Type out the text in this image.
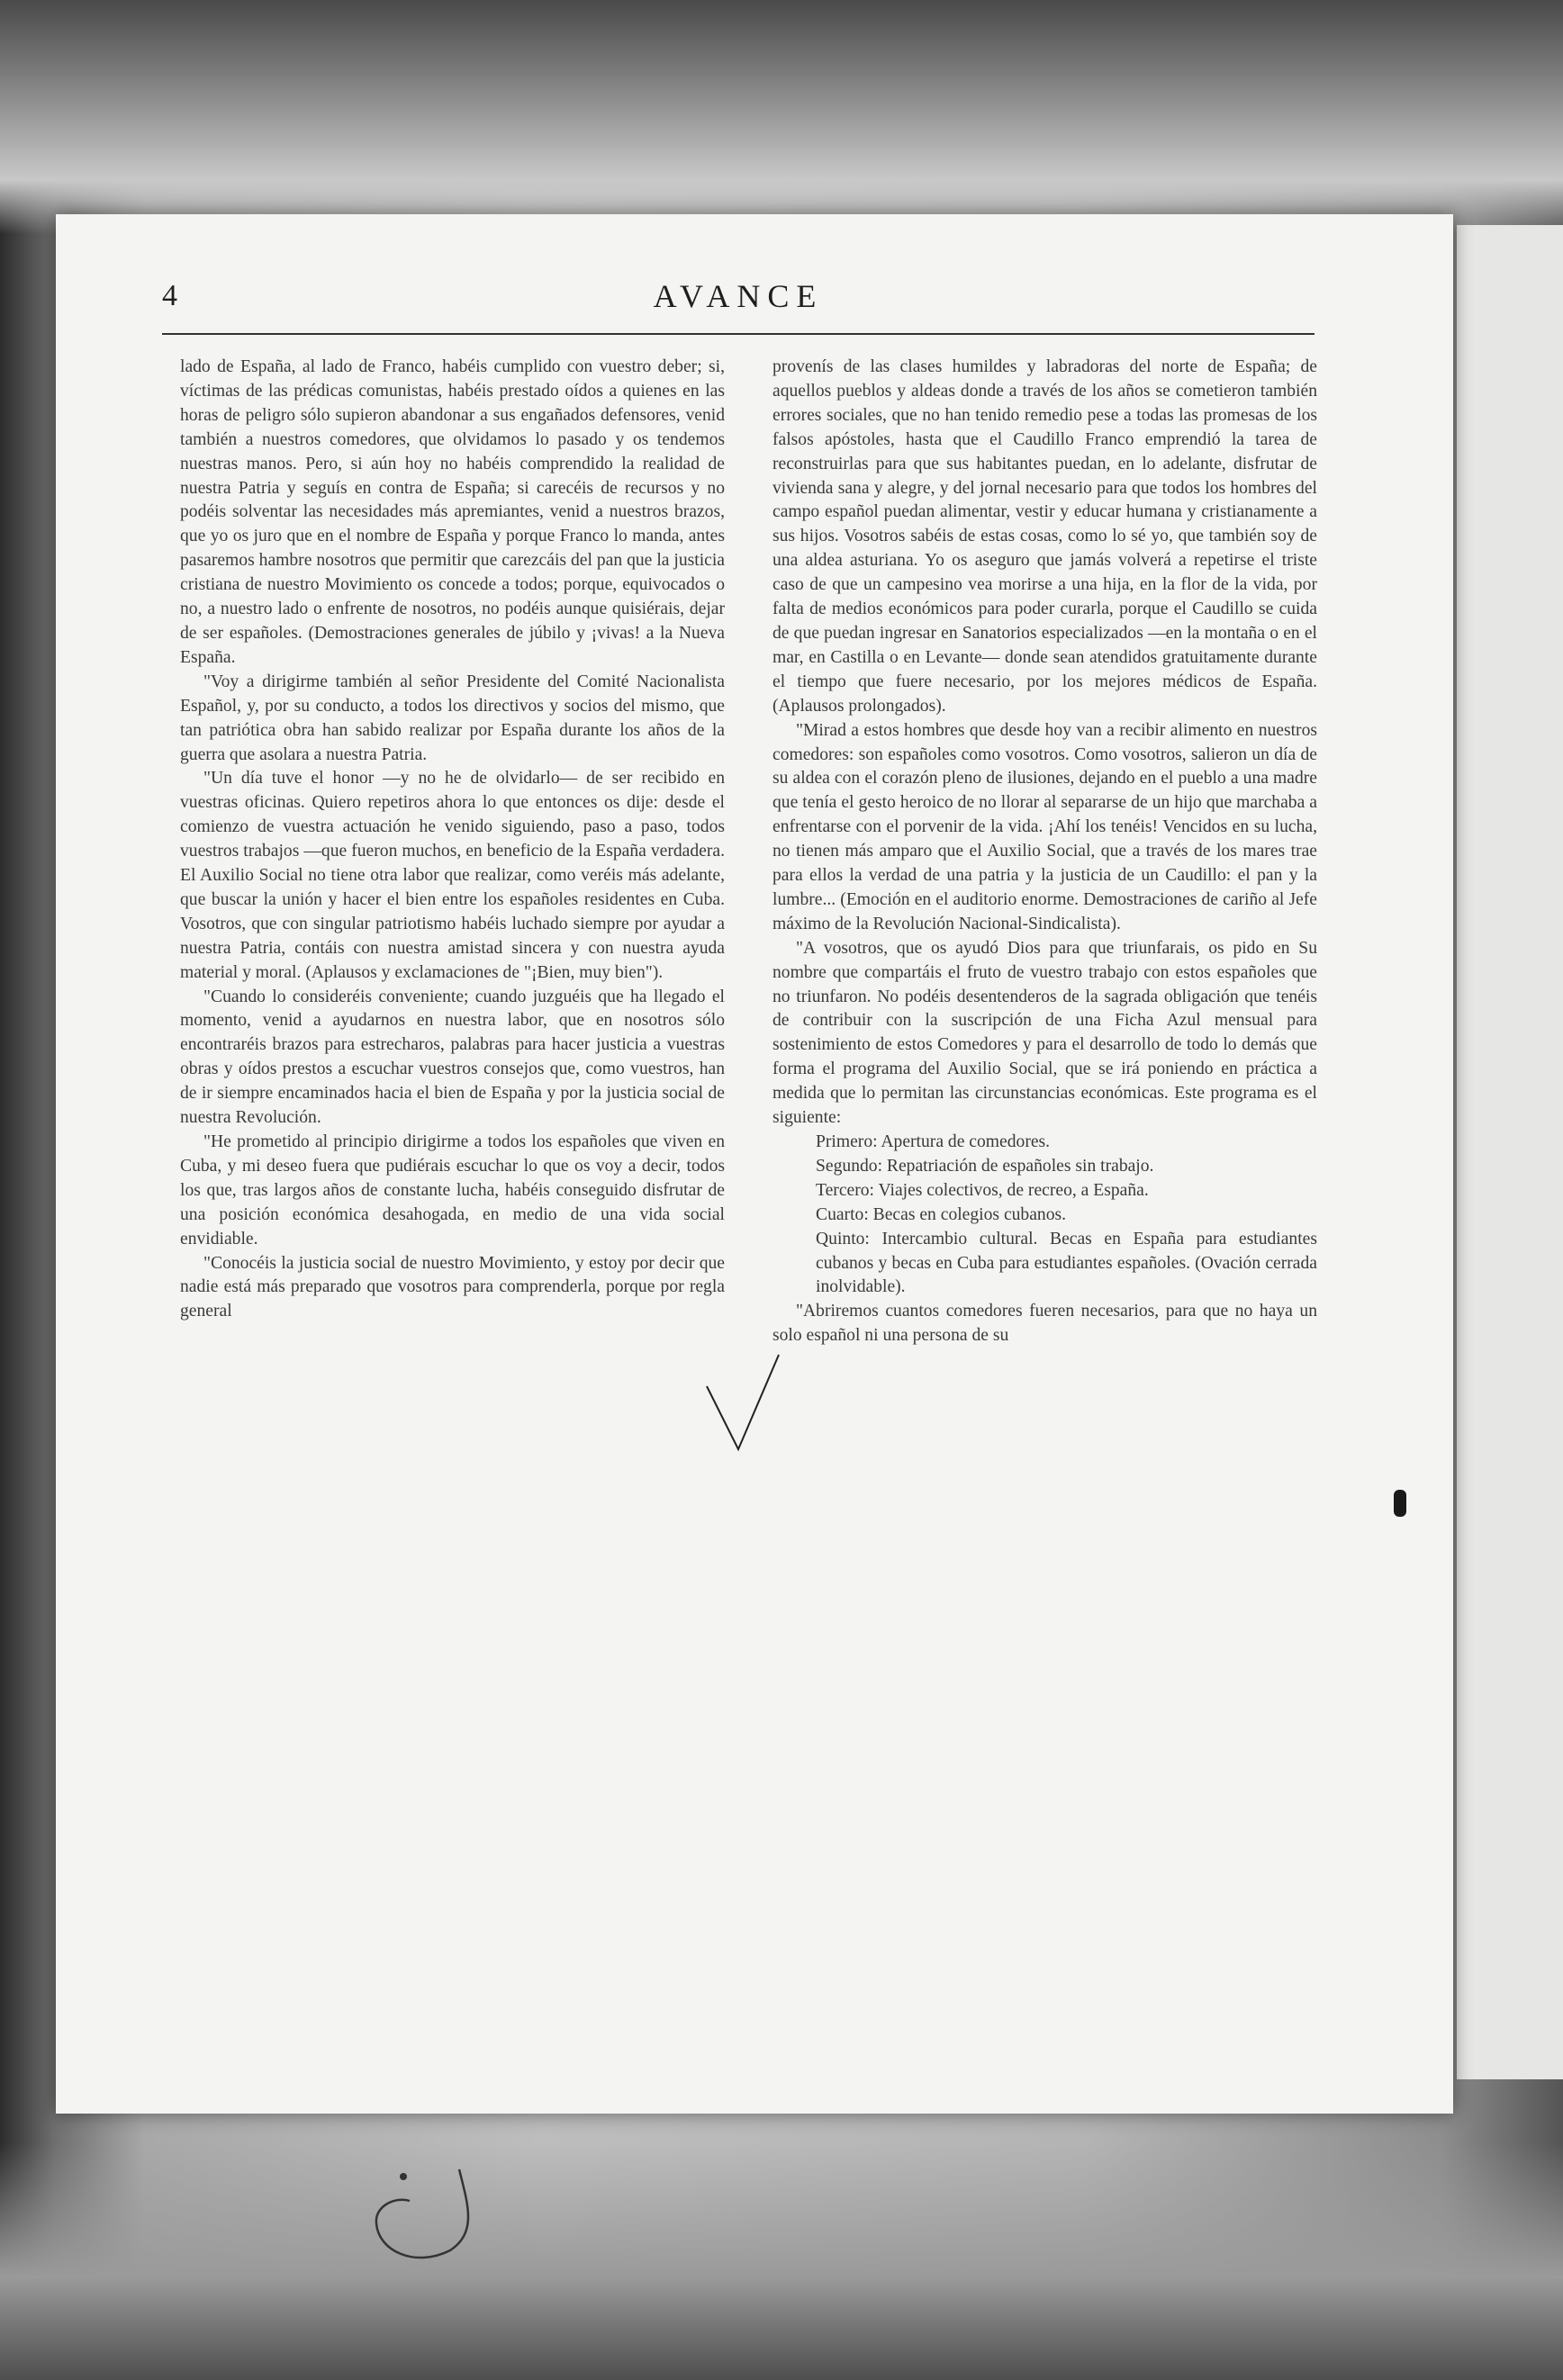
4	AVANCE

lado de España, al lado de Franco, habéis cumplido con vuestro deber; si, víctimas de las prédicas comunistas, habéis prestado oídos a quienes en las horas de peligro sólo supieron abandonar a sus engañados defensores, venid también a nuestros comedores, que olvidamos lo pasado y os tendemos nuestras manos. Pero, si aún hoy no habéis comprendido la realidad de nuestra Patria y seguís en contra de España; si carecéis de recursos y no podéis solventar las necesidades más apremiantes, venid a nuestros brazos, que yo os juro que en el nombre de España y porque Franco lo manda, antes pasaremos hambre nosotros que permitir que carezcáis del pan que la justicia cristiana de nuestro Movimiento os concede a todos; porque, equivocados o no, a nuestro lado o enfrente de nosotros, no podéis aunque quisiérais, dejar de ser españoles. (Demostraciones generales de júbilo y ¡vivas! a la Nueva España.

"Voy a dirigirme también al señor Presidente del Comité Nacionalista Español, y, por su conducto, a todos los directivos y socios del mismo, que tan patriótica obra han sabido realizar por España durante los años de la guerra que asolara a nuestra Patria.

"Un día tuve el honor —y no he de olvidarlo— de ser recibido en vuestras oficinas. Quiero repetiros ahora lo que entonces os dije: desde el comienzo de vuestra actuación he venido siguiendo, paso a paso, todos vuestros trabajos —que fueron muchos, en beneficio de la España verdadera. El Auxilio Social no tiene otra labor que realizar, como veréis más adelante, que buscar la unión y hacer el bien entre los españoles residentes en Cuba. Vosotros, que con singular patriotismo habéis luchado siempre por ayudar a nuestra Patria, contáis con nuestra amistad sincera y con nuestra ayuda material y moral. (Aplausos y exclamaciones de "¡Bien, muy bien").

"Cuando lo consideréis conveniente; cuando juzguéis que ha llegado el momento, venid a ayudarnos en nuestra labor, que en nosotros sólo encontraréis brazos para estrecharos, palabras para hacer justicia a vuestras obras y oídos prestos a escuchar vuestros consejos que, como vuestros, han de ir siempre encaminados hacia el bien de España y por la justicia social de nuestra Revolución.

"He prometido al principio dirigirme a todos los españoles que viven en Cuba, y mi deseo fuera que pudiérais escuchar lo que os voy a decir, todos los que, tras largos años de constante lucha, habéis conseguido disfrutar de una posición económica desahogada, en medio de una vida social envidiable.

"Conocéis la justicia social de nuestro Movimiento, y estoy por decir que nadie está más preparado que vosotros para comprenderla, porque por regla general

provenís de las clases humildes y labradoras del norte de España; de aquellos pueblos y aldeas donde a través de los años se cometieron también errores sociales, que no han tenido remedio pese a todas las promesas de los falsos apóstoles, hasta que el Caudillo Franco emprendió la tarea de reconstruirlas para que sus habitantes puedan, en lo adelante, disfrutar de vivienda sana y alegre, y del jornal necesario para que todos los hombres del campo español puedan alimentar, vestir y educar humana y cristianamente a sus hijos. Vosotros sabéis de estas cosas, como lo sé yo, que también soy de una aldea asturiana. Yo os aseguro que jamás volverá a repetirse el triste caso de que un campesino vea morirse a una hija, en la flor de la vida, por falta de medios económicos para poder curarla, porque el Caudillo se cuida de que puedan ingresar en Sanatorios especializados —en la montaña o en el mar, en Castilla o en Levante— donde sean atendidos gratuitamente durante el tiempo que fuere necesario, por los mejores médicos de España. (Aplausos prolongados).

"Mirad a estos hombres que desde hoy van a recibir alimento en nuestros comedores: son españoles como vosotros. Como vosotros, salieron un día de su aldea con el corazón pleno de ilusiones, dejando en el pueblo a una madre que tenía el gesto heroico de no llorar al separarse de un hijo que marchaba a enfrentarse con el porvenir de la vida. ¡Ahí los tenéis! Vencidos en su lucha, no tienen más amparo que el Auxilio Social, que a través de los mares trae para ellos la verdad de una patria y la justicia de un Caudillo: el pan y la lumbre... (Emoción en el auditorio enorme. Demostraciones de cariño al Jefe máximo de la Revolución Nacional-Sindicalista).

"A vosotros, que os ayudó Dios para que triunfarais, os pido en Su nombre que compartáis el fruto de vuestro trabajo con estos españoles que no triunfaron. No podéis desentenderos de la sagrada obligación que tenéis de contribuir con la suscripción de una Ficha Azul mensual para sostenimiento de estos Comedores y para el desarrollo de todo lo demás que forma el programa del Auxilio Social, que se irá poniendo en práctica a medida que lo permitan las circunstancias económicas. Este programa es el siguiente:

Primero: Apertura de comedores.

Segundo: Repatriación de españoles sin trabajo.

Tercero: Viajes colectivos, de recreo, a España.

Cuarto: Becas en colegios cubanos.

Quinto: Intercambio cultural. Becas en España para estudiantes cubanos y becas en Cuba para estudiantes españoles. (Ovación cerrada inolvidable).

"Abriremos cuantos comedores fueren necesarios, para que no haya un solo español ni una persona de su
